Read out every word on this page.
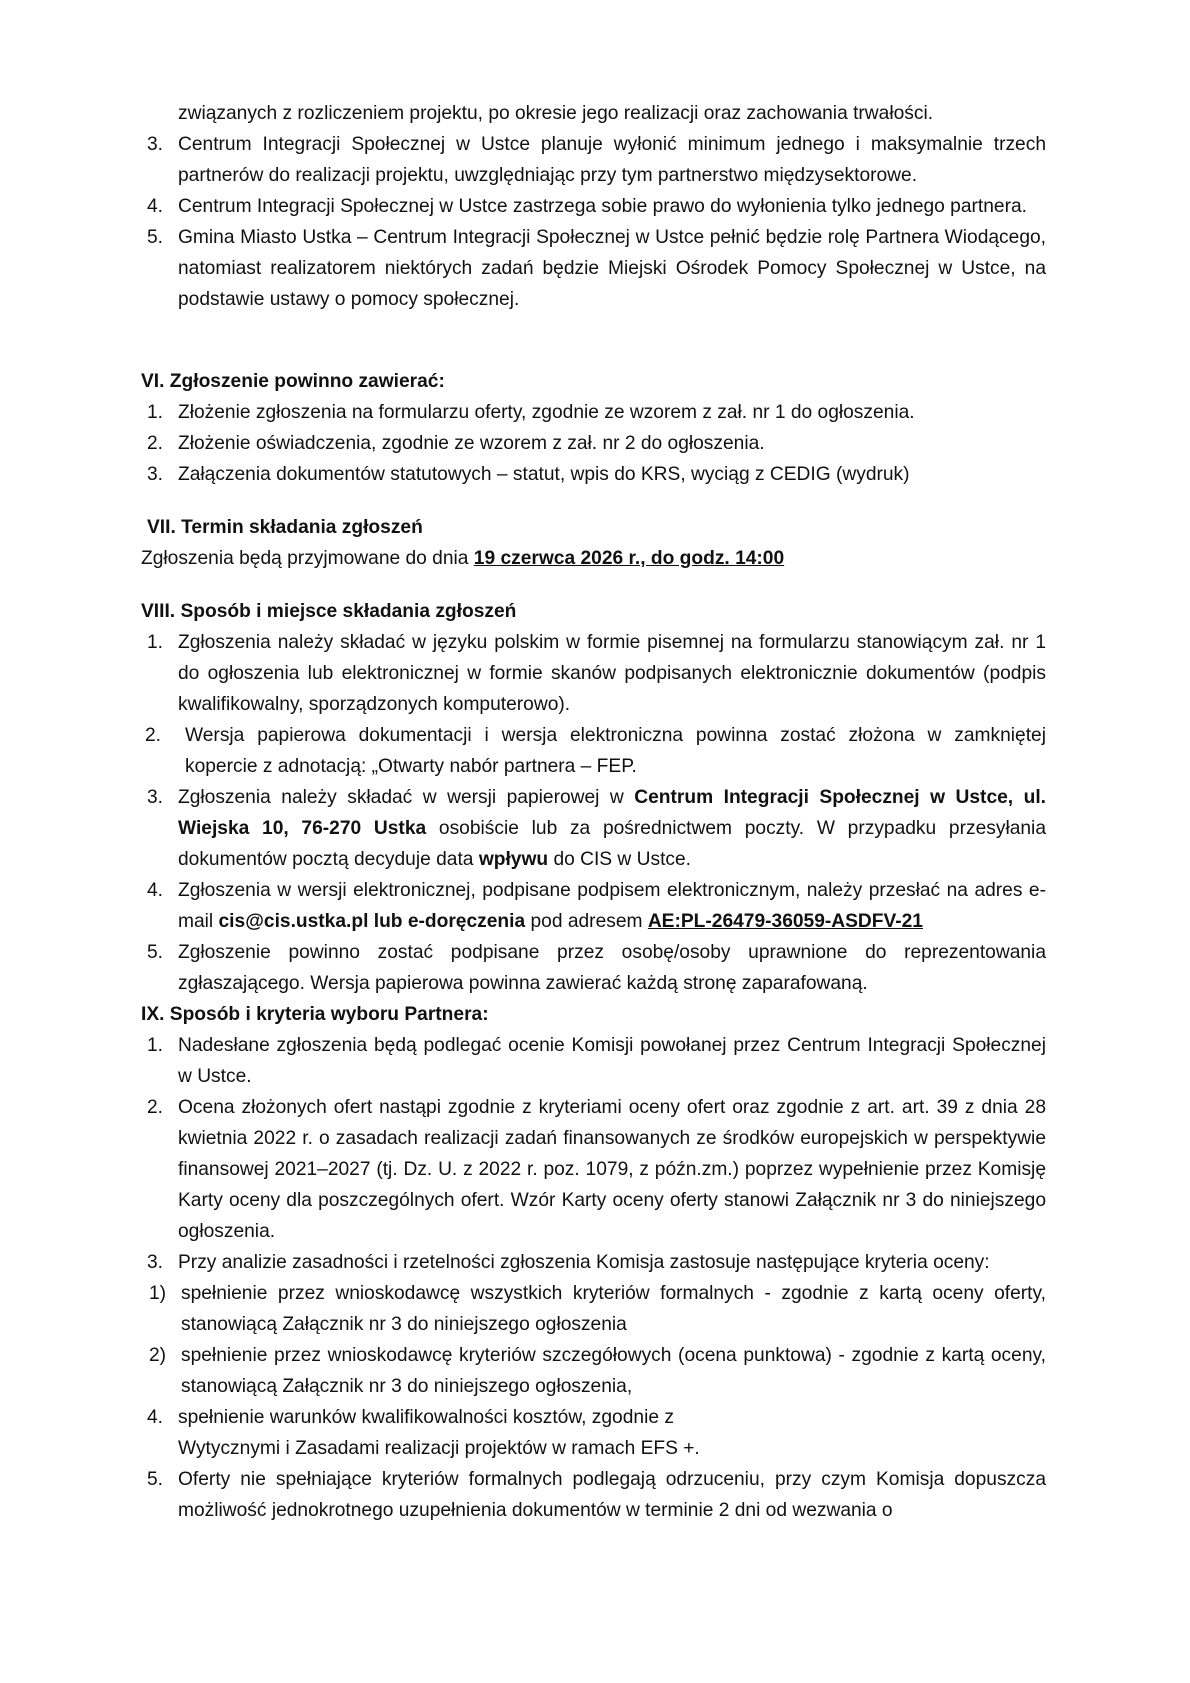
związanych z rozliczeniem projektu, po okresie jego realizacji oraz zachowania trwałości.
3. Centrum Integracji Społecznej w Ustce planuje wyłonić minimum jednego i maksymalnie trzech partnerów do realizacji projektu, uwzględniając przy tym partnerstwo międzysektorowe.
4. Centrum Integracji Społecznej w Ustce zastrzega sobie prawo do wyłonienia tylko jednego partnera.
5. Gmina Miasto Ustka – Centrum Integracji Społecznej w Ustce pełnić będzie rolę Partnera Wiodącego, natomiast realizatorem niektórych zadań będzie Miejski Ośrodek Pomocy Społecznej w Ustce, na podstawie ustawy o pomocy społecznej.
VI. Zgłoszenie powinno zawierać:
1. Złożenie zgłoszenia na formularzu oferty, zgodnie ze wzorem z zał. nr 1 do ogłoszenia.
2. Złożenie oświadczenia, zgodnie ze wzorem z zał. nr 2 do ogłoszenia.
3. Załączenia dokumentów statutowych – statut, wpis do KRS, wyciąg z CEDIG (wydruk)
VII. Termin składania zgłoszeń
Zgłoszenia będą przyjmowane do dnia 19 czerwca 2026 r., do godz. 14:00
VIII. Sposób i miejsce składania zgłoszeń
1. Zgłoszenia należy składać w języku polskim w formie pisemnej na formularzu stanowiącym zał. nr 1 do ogłoszenia lub elektronicznej w formie skanów podpisanych elektronicznie dokumentów (podpis kwalifikowalny, sporządzonych komputerowo).
2. Wersja papierowa dokumentacji i wersja elektroniczna powinna zostać złożona w zamkniętej kopercie z adnotacją: „Otwarty nabór partnera – FEP.
3. Zgłoszenia należy składać w wersji papierowej w Centrum Integracji Społecznej w Ustce, ul. Wiejska 10, 76-270 Ustka osobiście lub za pośrednictwem poczty. W przypadku przesyłania dokumentów pocztą decyduje data wpływu do CIS w Ustce.
4. Zgłoszenia w wersji elektronicznej, podpisane podpisem elektronicznym, należy przesłać na adres e-mail cis@cis.ustka.pl lub e-doręczenia pod adresem AE:PL-26479-36059-ASDFV-21
5. Zgłoszenie powinno zostać podpisane przez osobę/osoby uprawnione do reprezentowania zgłaszającego. Wersja papierowa powinna zawierać każdą stronę zaparafowaną.
IX. Sposób i kryteria wyboru Partnera:
1. Nadesłane zgłoszenia będą podlegać ocenie Komisji powołanej przez Centrum Integracji Społecznej w Ustce.
2. Ocena złożonych ofert nastąpi zgodnie z kryteriami oceny ofert oraz zgodnie z art. art. 39 z dnia 28 kwietnia 2022 r. o zasadach realizacji zadań finansowanych ze środków europejskich w perspektywie finansowej 2021–2027 (tj. Dz. U. z 2022 r. poz. 1079, z późn.zm.) poprzez wypełnienie przez Komisję Karty oceny dla poszczególnych ofert. Wzór Karty oceny oferty stanowi Załącznik nr 3 do niniejszego ogłoszenia.
3. Przy analizie zasadności i rzetelności zgłoszenia Komisja zastosuje następujące kryteria oceny:
1) spełnienie przez wnioskodawcę wszystkich kryteriów formalnych - zgodnie z kartą oceny oferty, stanowiącą Załącznik nr 3 do niniejszego ogłoszenia
2) spełnienie przez wnioskodawcę kryteriów szczegółowych (ocena punktowa) - zgodnie z kartą oceny, stanowiącą Załącznik nr 3 do niniejszego ogłoszenia,
4. spełnienie warunków kwalifikowalności kosztów, zgodnie z
Wytycznymi i Zasadami realizacji projektów w ramach EFS +.
5. Oferty nie spełniające kryteriów formalnych podlegają odrzuceniu, przy czym Komisja dopuszcza możliwość jednokrotnego uzupełnienia dokumentów w terminie 2 dni od wezwania o
